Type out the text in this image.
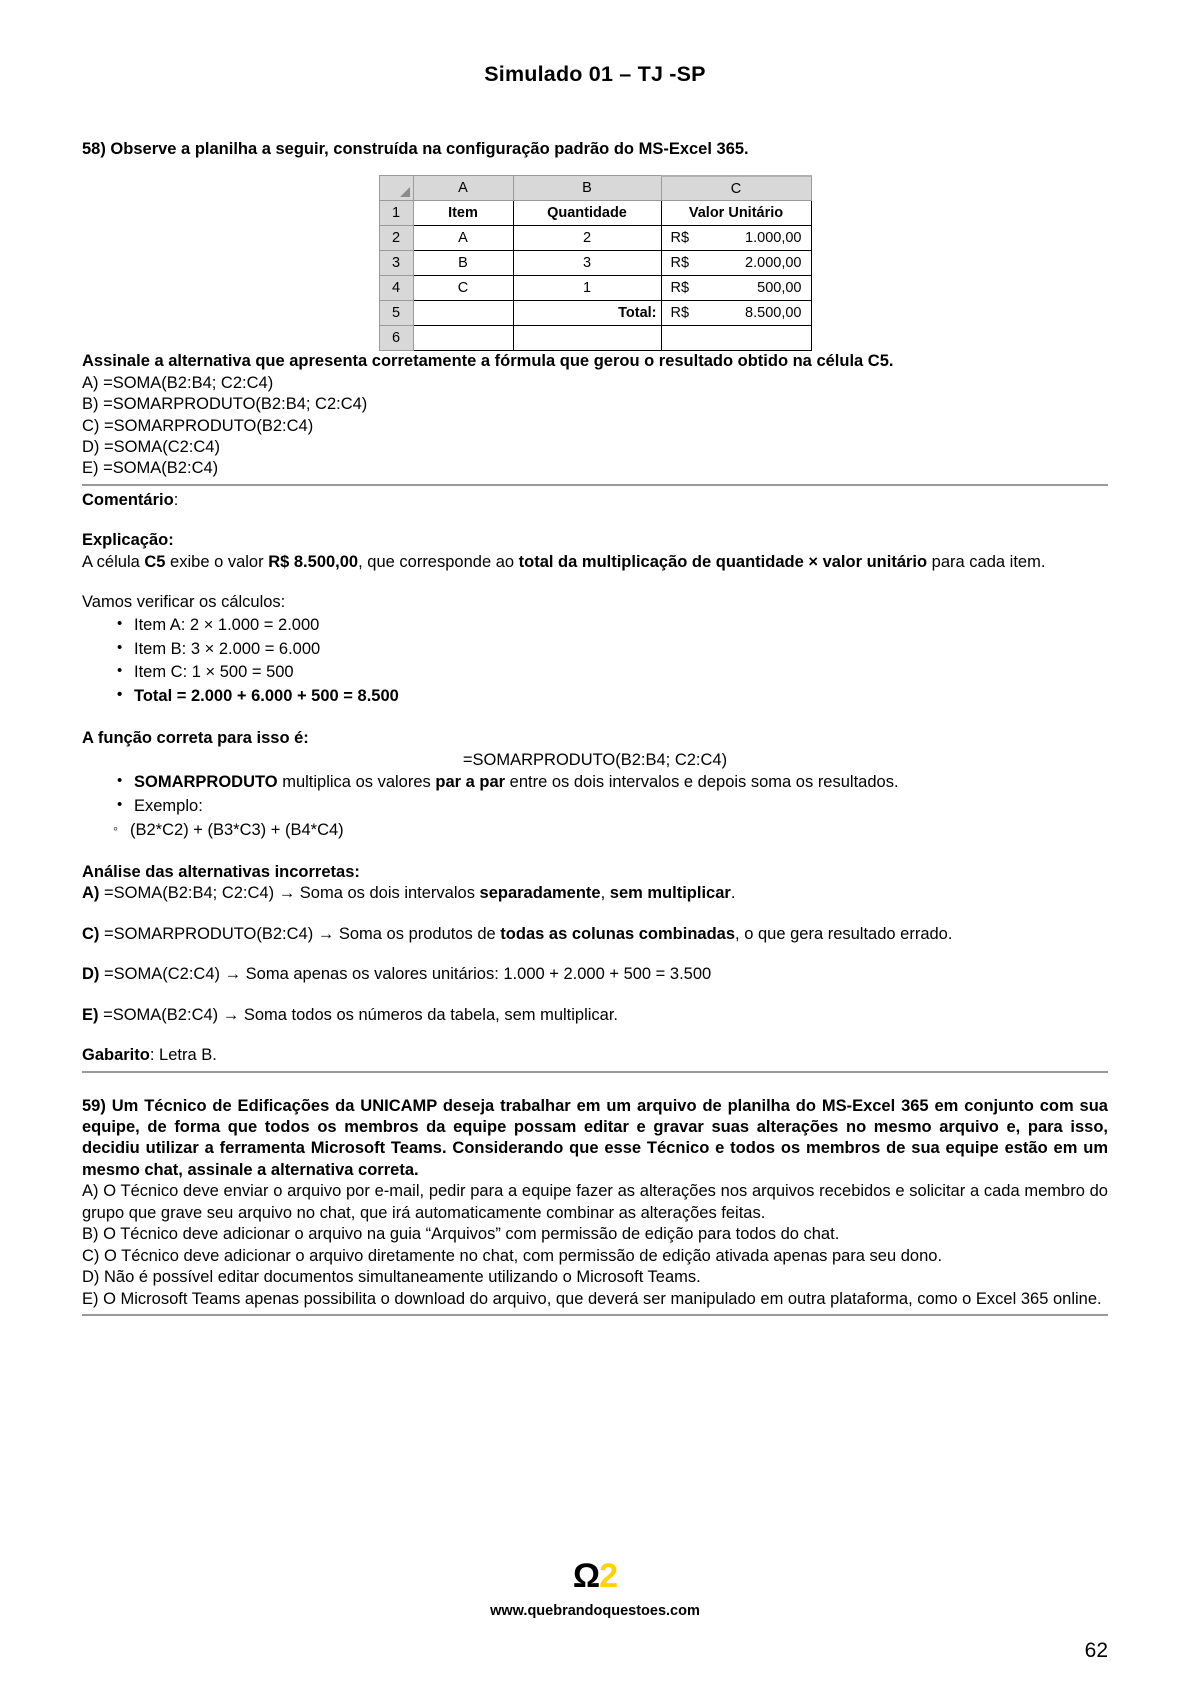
Simulado 01 – TJ -SP
58) Observe a planilha a seguir, construída na configuração padrão do MS-Excel 365.
	A	B	C
1	Item	Quantidade	Valor Unitário
2	A	2	R$ 1.000,00

3	B	3	R$ 2.000,00

4	C	1	R$ 500,00

5		Total:	R$ 8.500,00

6			

Assinale a alternativa que apresenta corretamente a fórmula que gerou o resultado obtido na célula C5.

A) =SOMA(B2:B4; C2:C4)

B) =SOMARPRODUTO(B2:B4; C2:C4)

C) =SOMARPRODUTO(B2:C4)

D) =SOMA(C2:C4)

E) =SOMA(B2:C4)

Comentário:

Explicação:

A célula C5 exibe o valor R$ 8.500,00, que corresponde ao total da multiplicação de quantidade × valor unitário para cada item.

Vamos verificar os cálculos:

• Item A: 2 × 1.000 = 2.000
• Item B: 3 × 2.000 = 6.000
• Item C: 1 × 500 = 500
• Total = 2.000 + 6.000 + 500 = 8.500

A função correta para isso é:

=SOMARPRODUTO(B2:B4; C2:C4)

• SOMARPRODUTO multiplica os valores par a par entre os dois intervalos e depois soma os resultados.
• Exemplo:
◦ (B2*C2) + (B3*C3) + (B4*C4)

Análise das alternativas incorretas:

A) =SOMA(B2:B4; C2:C4) → Soma os dois intervalos separadamente, sem multiplicar.

C) =SOMARPRODUTO(B2:C4) → Soma os produtos de todas as colunas combinadas, o que gera resultado errado.

D) =SOMA(C2:C4) → Soma apenas os valores unitários: 1.000 + 2.000 + 500 = 3.500

E) =SOMA(B2:C4) → Soma todos os números da tabela, sem multiplicar.

Gabarito: Letra B.

59) Um Técnico de Edificações da UNICAMP deseja trabalhar em um arquivo de planilha do MS-Excel 365 em conjunto com sua equipe, de forma que todos os membros da equipe possam editar e gravar suas alterações no mesmo arquivo e, para isso, decidiu utilizar a ferramenta Microsoft Teams. Considerando que esse Técnico e todos os membros de sua equipe estão em um mesmo chat, assinale a alternativa correta.

A) O Técnico deve enviar o arquivo por e-mail, pedir para a equipe fazer as alterações nos arquivos recebidos e solicitar a cada membro do grupo que grave seu arquivo no chat, que irá automaticamente combinar as alterações feitas.

B) O Técnico deve adicionar o arquivo na guia “Arquivos” com permissão de edição para todos do chat.

C) O Técnico deve adicionar o arquivo diretamente no chat, com permissão de edição ativada apenas para seu dono.

D) Não é possível editar documentos simultaneamente utilizando o Microsoft Teams.

E) O Microsoft Teams apenas possibilita o download do arquivo, que deverá ser manipulado em outra plataforma, como o Excel 365 online.

Ω2
www.quebrandoquestoes.com
62
